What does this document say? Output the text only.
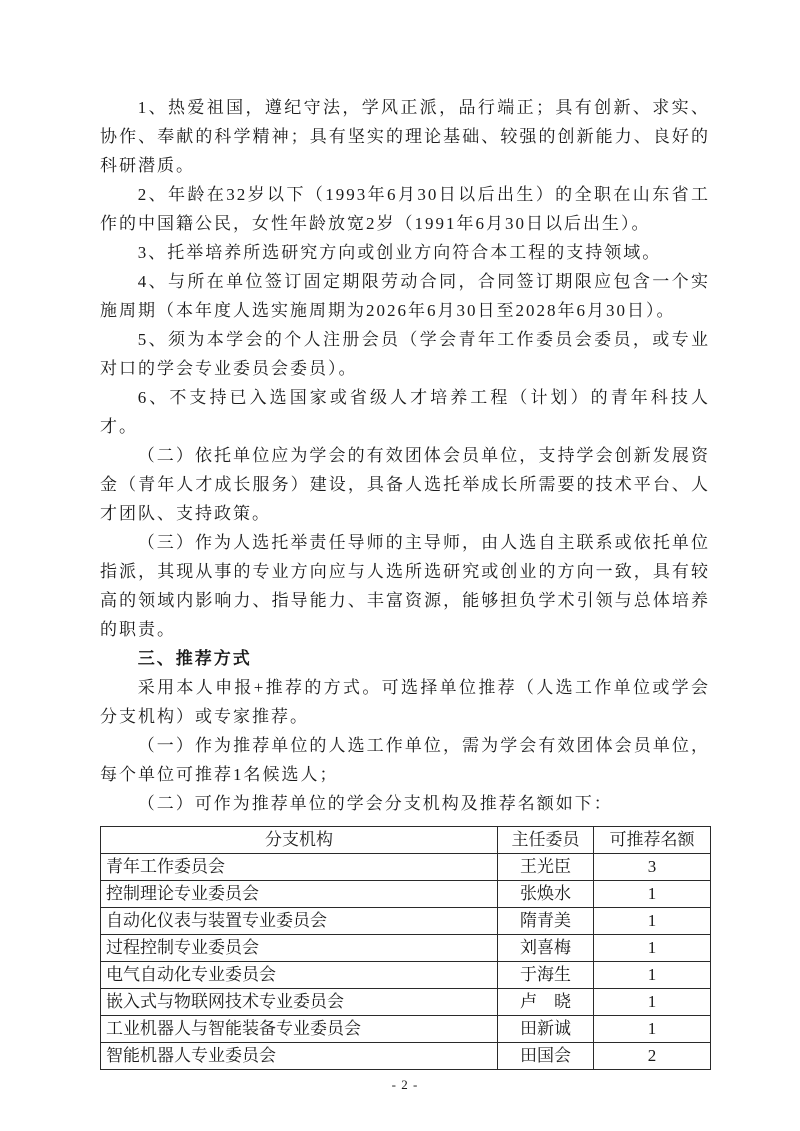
1、热爱祖国，遵纪守法，学风正派，品行端正；具有创新、求实、协作、奉献的科学精神；具有坚实的理论基础、较强的创新能力、良好的科研潜质。

2、年龄在32岁以下（1993年6月30日以后出生）的全职在山东省工作的中国籍公民，女性年龄放宽2岁（1991年6月30日以后出生）。

3、托举培养所选研究方向或创业方向符合本工程的支持领域。

4、与所在单位签订固定期限劳动合同，合同签订期限应包含一个实施周期（本年度人选实施周期为2026年6月30日至2028年6月30日）。

5、须为本学会的个人注册会员（学会青年工作委员会委员，或专业对口的学会专业委员会委员）。

6、不支持已入选国家或省级人才培养工程（计划）的青年科技人才。

（二）依托单位应为学会的有效团体会员单位，支持学会创新发展资金（青年人才成长服务）建设，具备人选托举成长所需要的技术平台、人才团队、支持政策。

（三）作为人选托举责任导师的主导师，由人选自主联系或依托单位指派，其现从事的专业方向应与人选所选研究或创业的方向一致，具有较高的领域内影响力、指导能力、丰富资源，能够担负学术引领与总体培养的职责。

三、推荐方式

采用本人申报+推荐的方式。可选择单位推荐（人选工作单位或学会分支机构）或专家推荐。

（一）作为推荐单位的人选工作单位，需为学会有效团体会员单位，每个单位可推荐1名候选人；

（二）可作为推荐单位的学会分支机构及推荐名额如下：

分支机构	主任委员	可推荐名额
青年工作委员会	王光臣	3
控制理论专业委员会	张焕水	1
自动化仪表与装置专业委员会	隋青美	1
过程控制专业委员会	刘喜梅	1
电气自动化专业委员会	于海生	1
嵌入式与物联网技术专业委员会	卢　晓	1
工业机器人与智能装备专业委员会	田新诚	1
智能机器人专业委员会	田国会	2
- 2 -
